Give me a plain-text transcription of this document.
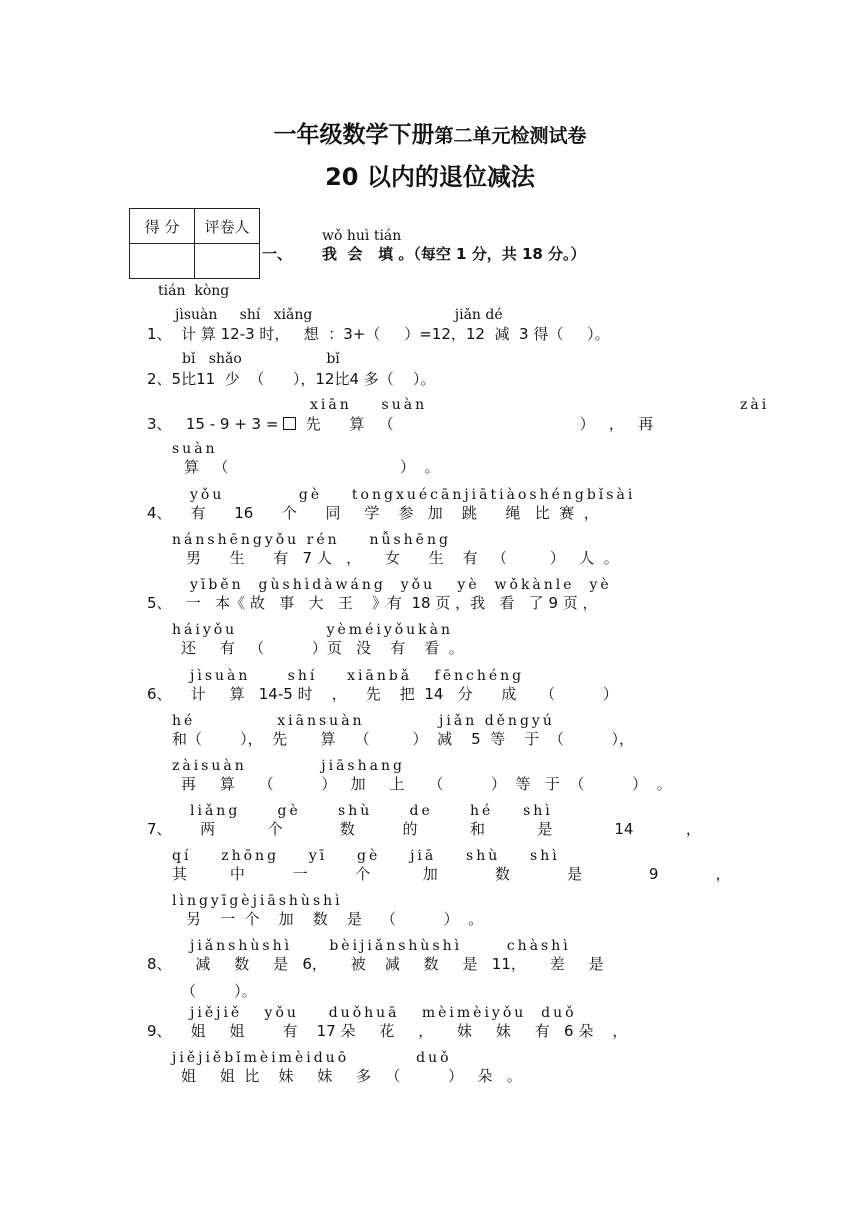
一年级数学下册第二单元检测试卷
20 以内的退位减法
得 分	评卷人

wǒ huì tián
一、 我  会   填 。（每空 1 分，共 18 分。）
tián  kòng
jìsuàn     shí   xiǎng                                jiǎn dé
1、  计 算 12-3 时，   想  ：3+（     ）=12，12  减  3 得（     ）。
bǐ   shǎo                   bǐ
2、5比11  少  （      ），12比4 多（    ）。
xiān    suàn                                          zài
3、   15 - 9 + 3 =   先      算   （                                       ）   ，   再
suàn
算   （                                    ）  。
yǒu          gè    tongxuécānjiātiàoshéngbǐsài
4、    有      16      个      同     学    参   加    跳      绳   比  赛  ，
nánshēngyǒu rén    nǚshēng
男      生      有   7 人   ，     女      生    有   （         ）   人  。
yīběn  gùshìdàwáng  yǒu   yè  wǒkànle  yè
5、   一   本《 故   事   大   王    》有  18 页 ，我   看   了 9 页 ，
háiyǒu            yèméiyǒukàn
还     有   （          ）页   没    有    看  。
jìsuàn     shí    xiānbǎ   fēnchéng
6、    计     算   14-5 时    ，    先    把  14   分      成     （          ）
hé           xiānsuàn          jiǎn děngyú
和（        ），  先       算    （         ）  减    5  等    于  （          ），
zàisuàn          jiāshang
再     算     （          ）   加     上     （          ）  等   于  （          ）  。
liǎng     gè     shù     de     hé    shì
7、      两           个            数          的           和           是             14           ，
qí    zhōng    yī    gè    jiā    shù    shì
其         中          一          个           加            数            是              9            ，
lìngyīgèjiāshùshì
另    一  个    加    数    是    （          ）  。
jiǎnshùshì     bèijiǎnshùshì      chàshì
8、     减     数     是   6，     被    减     数     是   11，     差     是
（        ）。
jiějiě   yǒu    duǒhuā   mèimèiyǒu  duǒ
9、    姐     姐        有    17 朵     花     ，     妹     妹     有   6 朵    ，
jiějiěbǐmèimèiduō         duǒ
姐     姐  比    妹     妹     多   （          ）   朵   。
